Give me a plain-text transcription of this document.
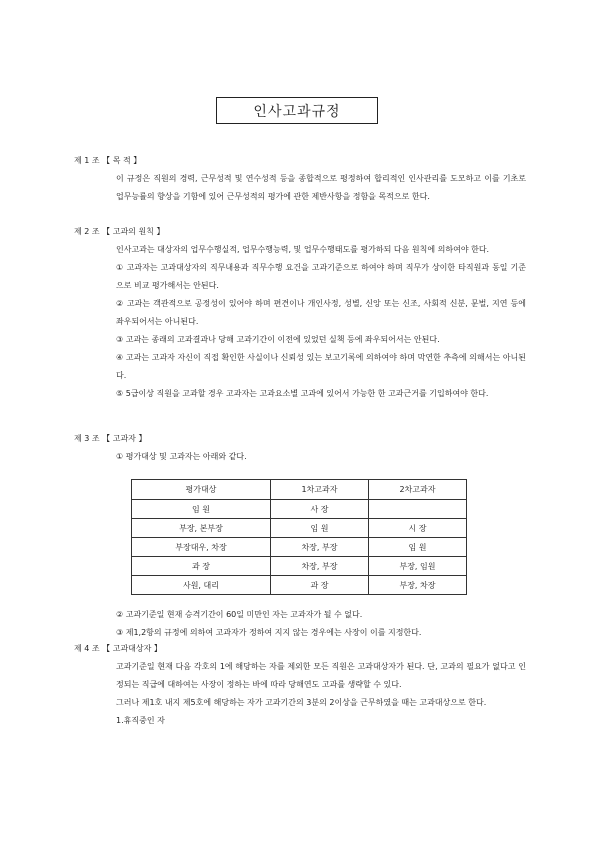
인사고과규정
제 1 조 【 목 적 】

이 규정은 직원의 경력, 근무성적 및 연수성적 등을 종합적으로 평정하여 합리적인 인사관리를 도모하고 이를 기초로 업무능률의 향상을 기함에 있어 근무성적의 평가에 관한 제반사항을 정함을 목적으로 한다.

제 2 조 【 고과의 원칙 】

인사고과는 대상자의 업무수행실적, 업무수행능력, 및 업무수행태도를 평가하되 다음 원칙에 의하여야 한다.

① 고과자는 고과대상자의 직무내용과 직무수행 요건을 고과기준으로 하여야 하며 직무가 상이한 타직원과 동일 기준으로 비교 평가해서는 안된다.

② 고과는 객관적으로 공정성이 있어야 하며 편견이나 개인사정, 성별, 신앙 또는 신조, 사회적 신분, 문벌, 지연 등에 좌우되어서는 아니된다.

③ 고과는 종래의 고과결과나 당해 고과기간이 이전에 있었던 실책 등에 좌우되어서는 안된다.

④ 고과는 고과자 자신이 직접 확인한 사실이나 신뢰성 있는 보고기록에 의하여야 하며 막연한 추측에 의해서는 아니된다.

⑤ 5급이상 직원을 고과할 경우 고과자는 고과요소별 고과에 있어서 가능한 한 고과근거를 기입하여야 한다.

제 3 조 【 고과자 】

① 평가대상 및 고과자는 아래와 같다.

평가대상	1차고과자	2차고과자
임 원	사 장	
부장, 본부장	임 원	시 장
부장대우, 차장	차장, 부장	임 원
과 장	차장, 부장	부장, 임원
사원, 대리	과 장	부장, 차장

② 고과기준일 현재 승격기간이 60일 미만인 자는 고과자가 될 수 없다.

③ 제1,2항의 규정에 의하여 고과자가 정하여 지지 않는 경우에는 사장이 이를 지정한다.

제 4 조 【 고과대상자 】

고과기준일 현재 다음 각호의 1에 해당하는 자를 제외한 모든 직원은 고과대상자가 된다. 단, 고과의 필요가 없다고 인정되는 직급에 대하여는 사장이 정하는 바에 따라 당해연도 고과를 생략할 수 있다.

그러나 제1호 내지 제5호에 해당하는 자가 고과기간의 3분의 2이상을 근무하였을 때는 고과대상으로 한다.

1.휴직중인 자
